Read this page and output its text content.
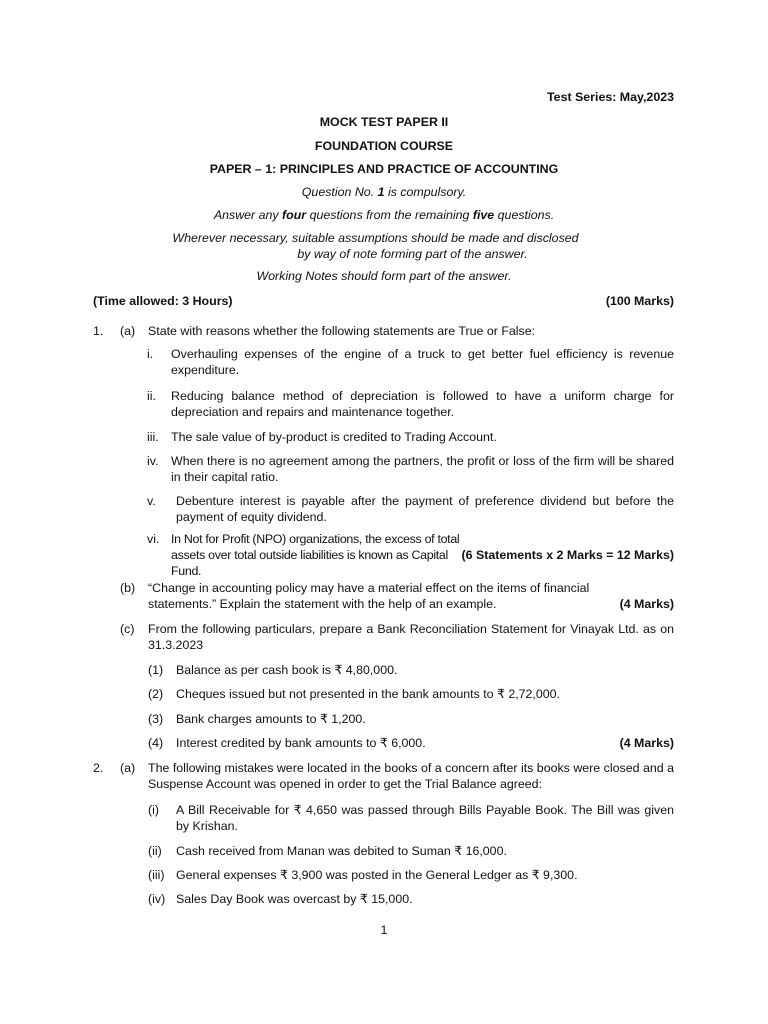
Test Series: May,2023
MOCK TEST PAPER II
FOUNDATION COURSE
PAPER – 1: PRINCIPLES AND PRACTICE OF ACCOUNTING
Question No. 1 is compulsory.
Answer any four questions from the remaining five questions.
Wherever necessary, suitable assumptions should be made and disclosed
by way of note forming part of the answer.
Working Notes should form part of the answer.
(Time allowed: 3 Hours)	(100 Marks)
1. (a) State with reasons whether the following statements are True or False:
i. Overhauling expenses of the engine of a truck to get better fuel efficiency is revenue expenditure.
ii. Reducing balance method of depreciation is followed to have a uniform charge for depreciation and repairs and maintenance together.
iii. The sale value of by-product is credited to Trading Account.
iv. When there is no agreement among the partners, the profit or loss of the firm will be shared in their capital ratio.
v. Debenture interest is payable after the payment of preference dividend but before the payment of equity dividend.
vi.
(6 Statements x 2 Marks = 12 Marks)
In Not for Profit (NPO) organizations, the excess of total assets over total outside liabilities is known as Capital Fund.
(b)
(4 Marks)
“Change in accounting policy may have a material effect on the items of financial statements.” Explain the statement with the help of an example.
(c) From the following particulars, prepare a Bank Reconciliation Statement for Vinayak Ltd. as on 31.3.2023
(1) Balance as per cash book is ₹ 4,80,000.
(2) Cheques issued but not presented in the bank amounts to ₹ 2,72,000.
(3) Bank charges amounts to ₹ 1,200.
(4) Interest credited by bank amounts to ₹ 6,000.	(4 Marks)
2. (a) The following mistakes were located in the books of a concern after its books were closed and a Suspense Account was opened in order to get the Trial Balance agreed:
(i) A Bill Receivable for ₹ 4,650 was passed through Bills Payable Book. The Bill was given by Krishan.
(ii) Cash received from Manan was debited to Suman ₹ 16,000.
(iii) General expenses ₹ 3,900 was posted in the General Ledger as ₹ 9,300.
(iv) Sales Day Book was overcast by ₹ 15,000.
1
